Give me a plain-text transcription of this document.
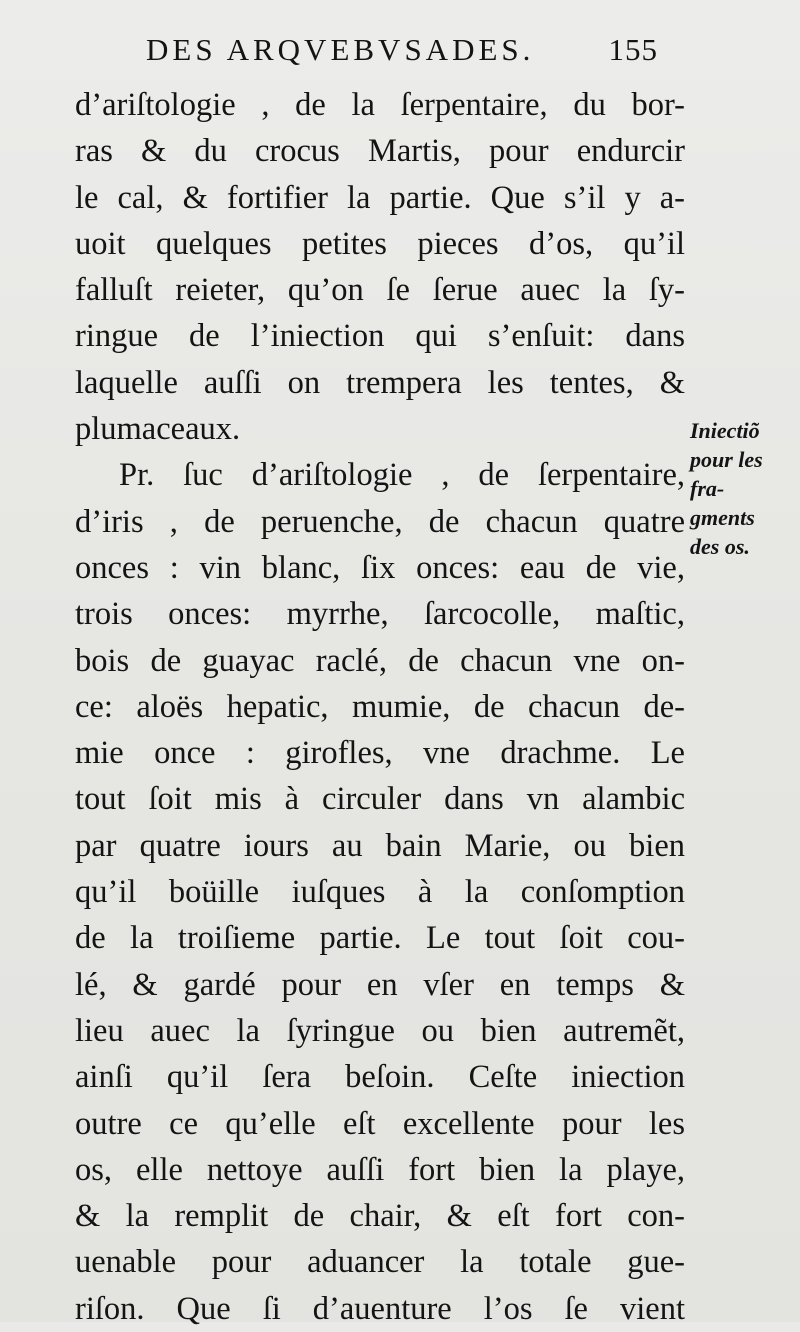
DES ARQVEBVSADES. 155
d’ariſtologie , de la ſerpentaire, du bor-
ras & du crocus Martis, pour endurcir
le cal, & fortifier la partie. Que s’il y a-
uoit quelques petites pieces d’os, qu’il
falluſt reieter, qu’on ſe ſerue auec la ſy-
ringue de l’iniection qui s’enſuit: dans
laquelle auſſi on trempera les tentes, &
plumaceaux.
Pr. ſuc d’ariſtologie , de ſerpentaire,
d’iris , de peruenche, de chacun quatre
onces : vin blanc, ſix onces: eau de vie,
trois onces: myrrhe, ſarcocolle, maſtic,
bois de guayac raclé, de chacun vne on-
ce: aloës hepatic, mumie, de chacun de-
mie once : girofles, vne drachme. Le
tout ſoit mis à circuler dans vn alambic
par quatre iours au bain Marie, ou bien
qu’il boüille iuſques à la conſomption
de la troiſieme partie. Le tout ſoit cou-
lé, & gardé pour en vſer en temps &
lieu auec la ſyringue ou bien autremẽt,
ainſi qu’il ſera beſoin. Ceſte iniection
outre ce qu’elle eſt excellente pour les
os, elle nettoye auſſi fort bien la playe,
& la remplit de chair, & eſt fort con-
uenable pour aduancer la totale gue-
riſon. Que ſi d’auenture l’os ſe vient
Iniectiõ
pour les
fra-
gments
des os.
